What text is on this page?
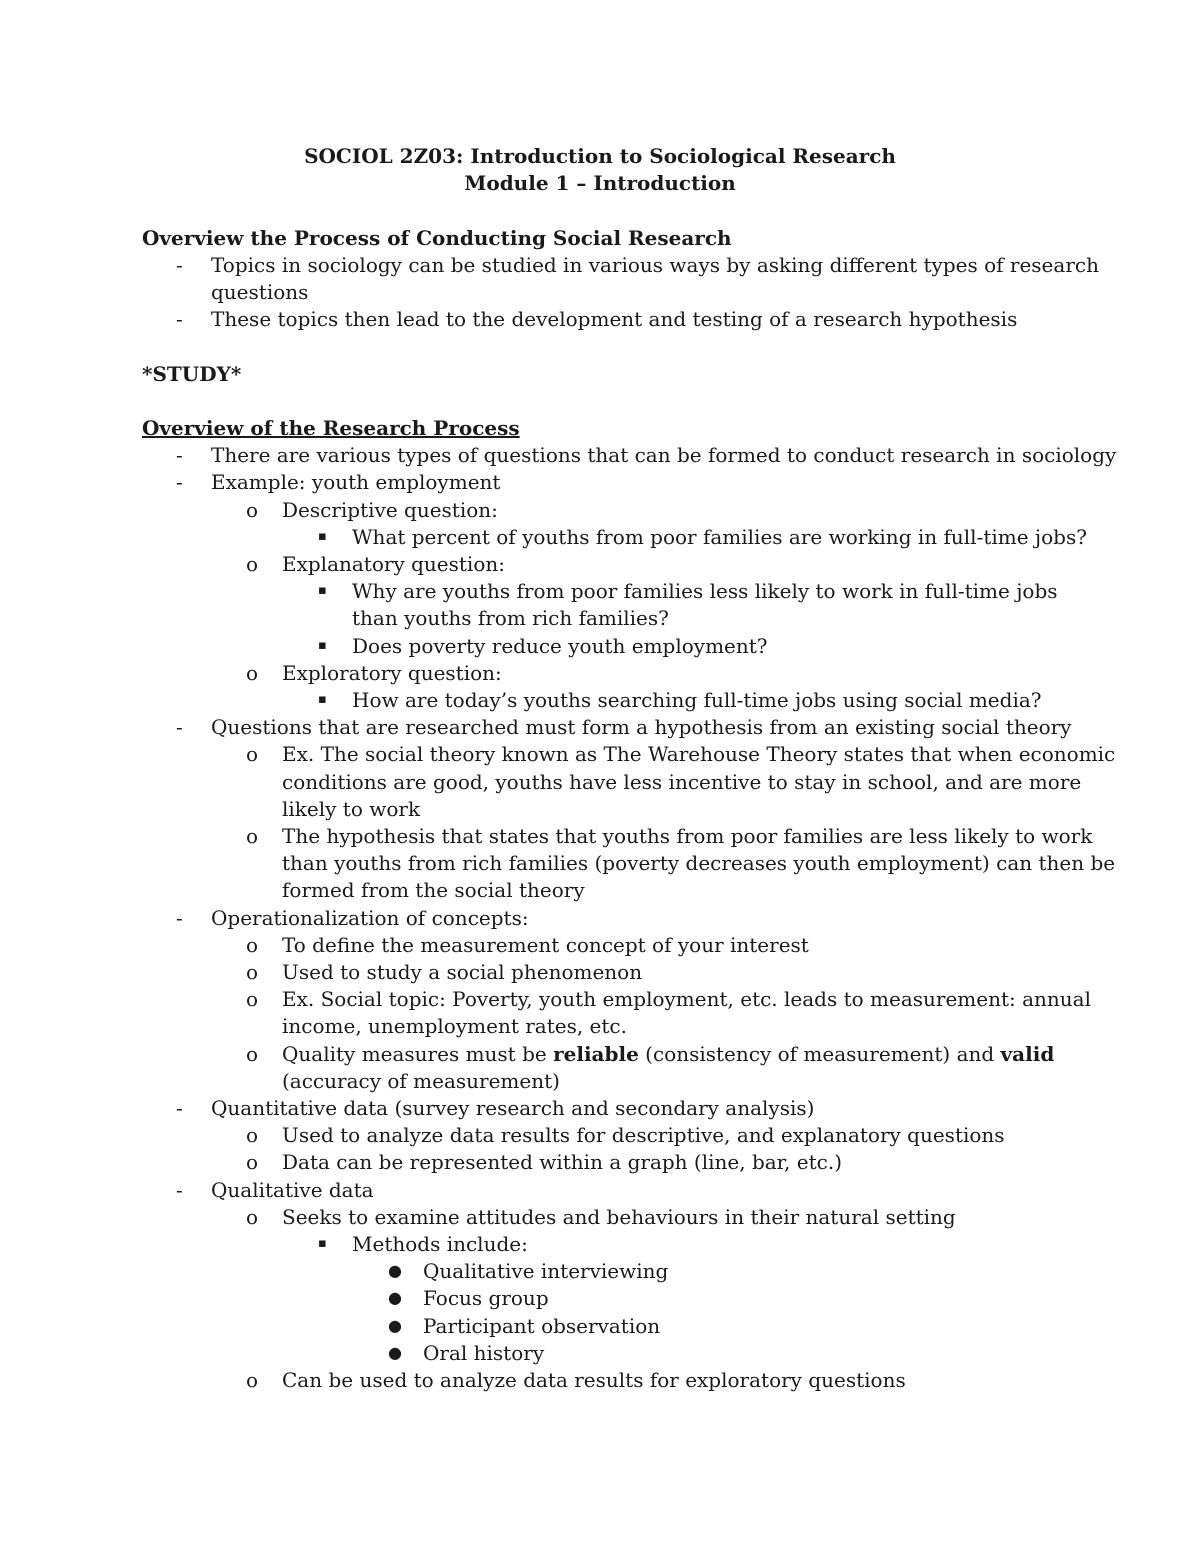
SOCIOL 2Z03: Introduction to Sociological Research
Module 1 – Introduction
Overview the Process of Conducting Social Research
- Topics in sociology can be studied in various ways by asking different types of research
questions
- These topics then lead to the development and testing of a research hypothesis
*STUDY*
Overview of the Research Process
- There are various types of questions that can be formed to conduct research in sociology
- Example: youth employment
o Descriptive question:
▪ What percent of youths from poor families are working in full-time jobs?
o Explanatory question:
▪ Why are youths from poor families less likely to work in full-time jobs
than youths from rich families?
▪ Does poverty reduce youth employment?
o Exploratory question:
▪ How are today’s youths searching full-time jobs using social media?
- Questions that are researched must form a hypothesis from an existing social theory
o Ex. The social theory known as The Warehouse Theory states that when economic
conditions are good, youths have less incentive to stay in school, and are more
likely to work
o The hypothesis that states that youths from poor families are less likely to work
than youths from rich families (poverty decreases youth employment) can then be
formed from the social theory
- Operationalization of concepts:
o To define the measurement concept of your interest
o Used to study a social phenomenon
o Ex. Social topic: Poverty, youth employment, etc. leads to measurement: annual
income, unemployment rates, etc.
o Quality measures must be reliable (consistency of measurement) and valid
(accuracy of measurement)
- Quantitative data (survey research and secondary analysis)
o Used to analyze data results for descriptive, and explanatory questions
o Data can be represented within a graph (line, bar, etc.)
- Qualitative data
o Seeks to examine attitudes and behaviours in their natural setting
▪ Methods include:
● Qualitative interviewing
● Focus group
● Participant observation
● Oral history
o Can be used to analyze data results for exploratory questions
